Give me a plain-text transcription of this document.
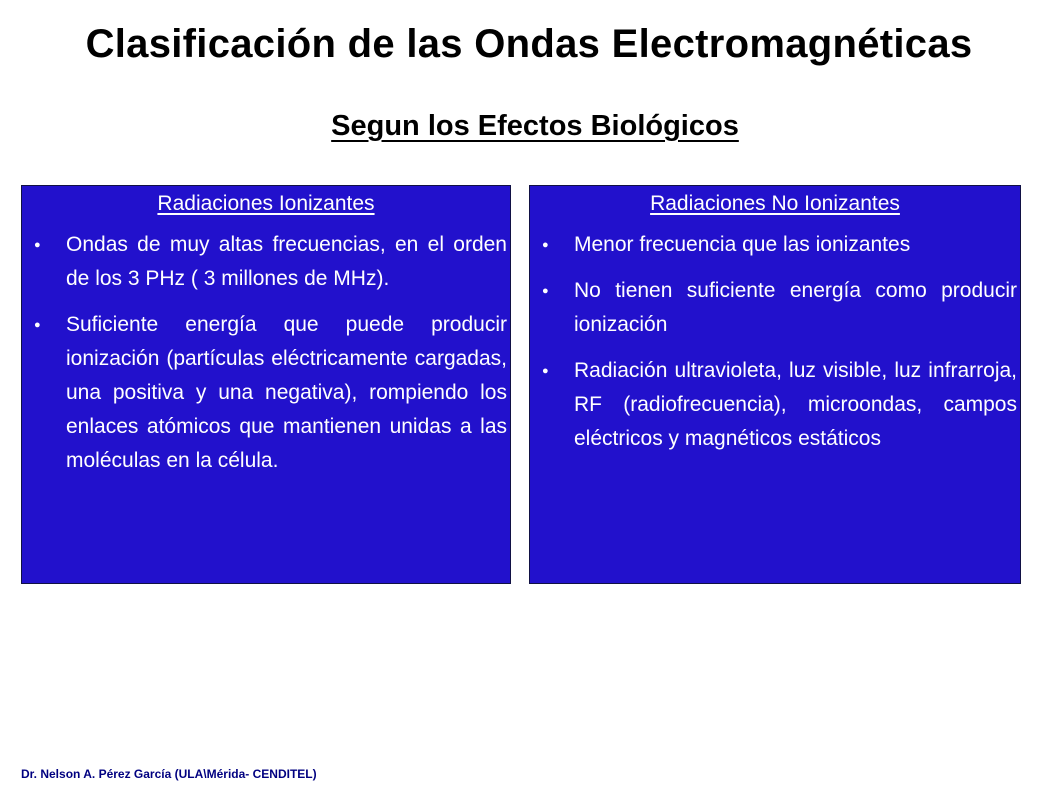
Clasificación de las Ondas Electromagnéticas
Segun los Efectos Biológicos
Radiaciones Ionizantes
● Ondas de muy altas frecuencias, en el orden de los 3 PHz ( 3 millones de MHz).
● Suficiente energía que puede producir ionización (partículas eléctricamente cargadas, una positiva y una negativa), rompiendo los enlaces atómicos que mantienen unidas a las moléculas en la célula.
Radiaciones No Ionizantes
● Menor frecuencia que las ionizantes
● No tienen suficiente energía como producir ionización
● Radiación ultravioleta, luz visible, luz infrarroja, RF (radiofrecuencia), microondas, campos eléctricos y magnéticos estáticos
Dr. Nelson A. Pérez García (ULA\Mérida- CENDITEL)
